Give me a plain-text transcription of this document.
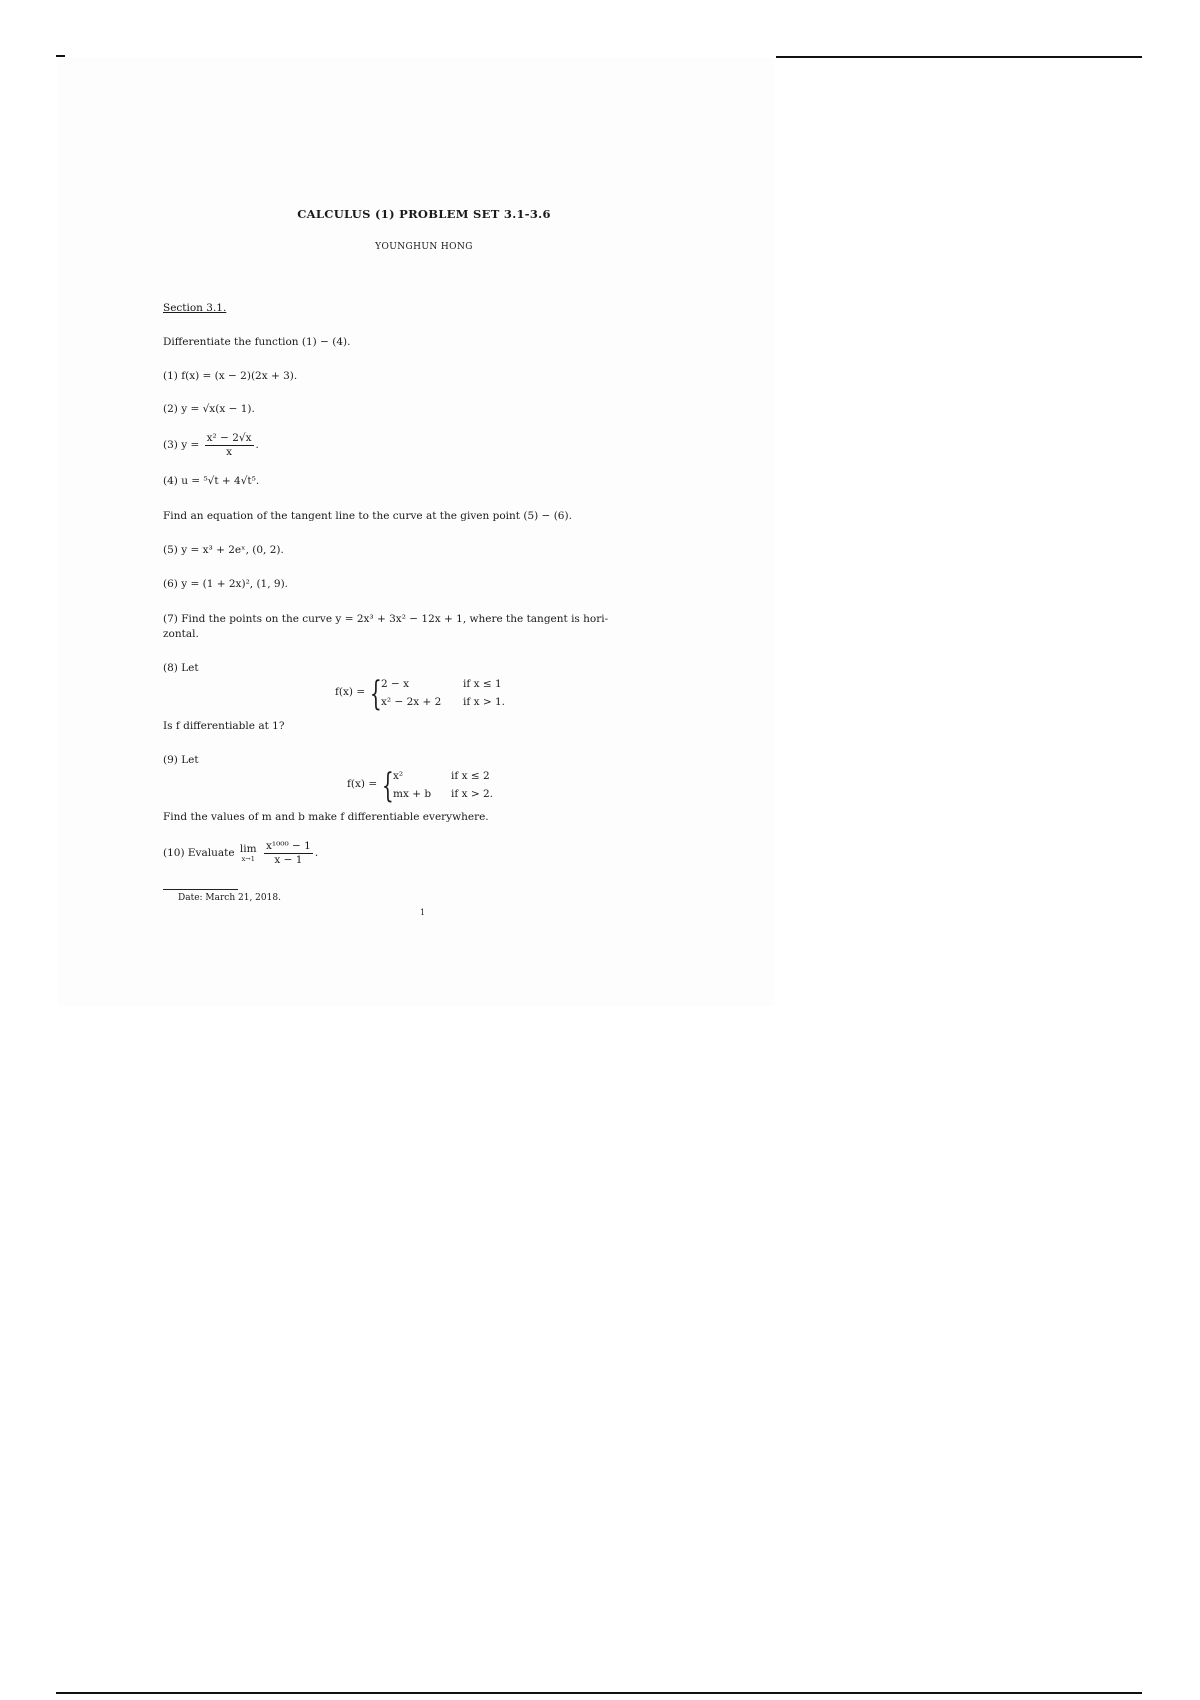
CALCULUS (1) PROBLEM SET 3.1-3.6
YOUNGHUN HONG
Section 3.1.
Differentiate the function (1) − (4).
(1) f(x) = (x − 2)(2x + 3).
(2) y = √x(x − 1).
(3) $y = \frac{\text{x² − 2√x}}{x}$ .
(4) u = ⁵√t + 4√t⁵.
Find an equation of the tangent line to the curve at the given point (5) − (6).
(5) y = x³ + 2eˣ, (0, 2).
(6) y = (1 + 2x)², (1, 9).
(7) Find the points on the curve y = 2x³ + 3x² − 12x + 1, where the tangent is hori-
zontal.
(8) Let
f(x) = { 2 − x	if x ≤ 1
x² − 2x + 2 if x > 1.
Is f differentiable at 1?
(9) Let
f(x) = { x²	if x ≤ 2
mx + b if x > 2.
Find the values of m and b make f differentiable everywhere.
(10) Evaluate lim
x→1
$\frac{\text{x¹⁰⁰⁰ − 1}}{x - 1}$ .
Date: March 21, 2018.
1
